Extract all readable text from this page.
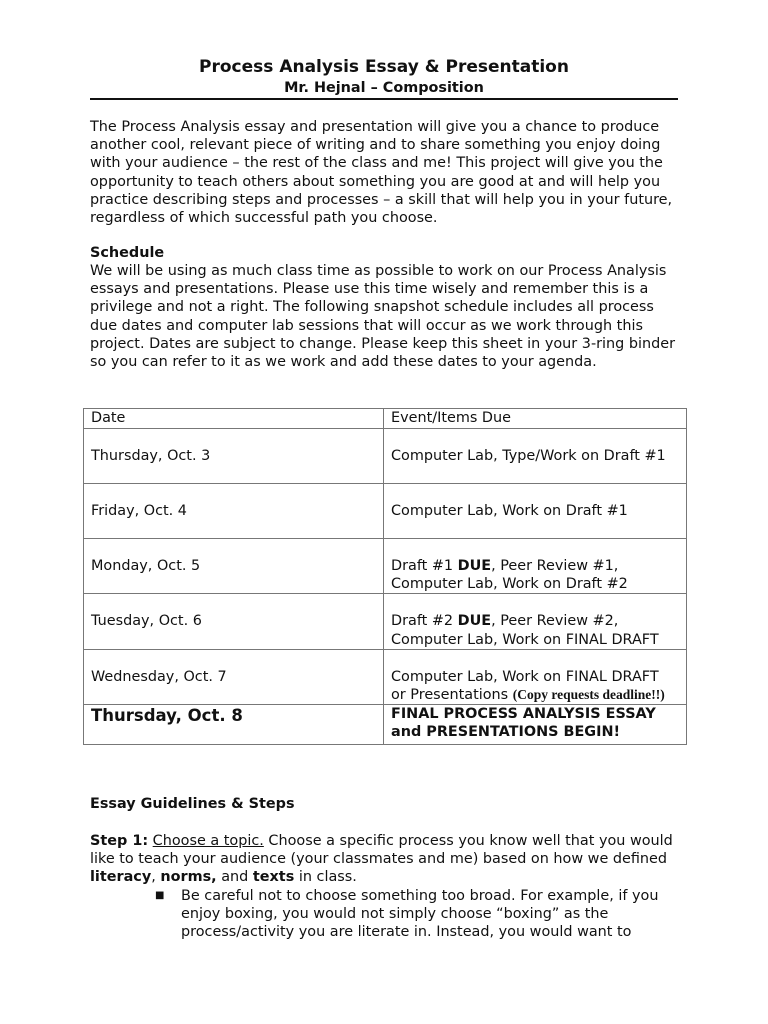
Process Analysis Essay & Presentation
Mr. Hejnal – Composition

The Process Analysis essay and presentation will give you a chance to produce another cool, relevant piece of writing and to share something you enjoy doing with your audience – the rest of the class and me! This project will give you the opportunity to teach others about something you are good at and will help you practice describing steps and processes – a skill that will help you in your future, regardless of which successful path you choose.

Schedule

We will be using as much class time as possible to work on our Process Analysis essays and presentations. Please use this time wisely and remember this is a privilege and not a right. The following snapshot schedule includes all process due dates and computer lab sessions that will occur as we work through this project. Dates are subject to change. Please keep this sheet in your 3-ring binder so you can refer to it as we work and add these dates to your agenda.

Date	Event/Items Due

Thursday, Oct. 3	Computer Lab, Type/Work on Draft #1

Friday, Oct. 4	Computer Lab, Work on Draft #1

Monday, Oct. 5	Draft #1 DUE, Peer Review #1,
Computer Lab, Work on Draft #2

Tuesday, Oct. 6	Draft #2 DUE, Peer Review #2,
Computer Lab, Work on FINAL DRAFT

Wednesday, Oct. 7	Computer Lab, Work on FINAL DRAFT
or Presentations (Copy requests deadline!!)

Thursday, Oct. 8	FINAL PROCESS ANALYSIS ESSAY
and PRESENTATIONS BEGIN!
Essay Guidelines & Steps

Step 1: Choose a topic. Choose a specific process you know well that you would like to teach your audience (your classmates and me) based on how we defined literacy, norms, and texts in class.

■ Be careful not to choose something too broad. For example, if you enjoy boxing, you would not simply choose “boxing” as the process/activity you are literate in. Instead, you would want to
